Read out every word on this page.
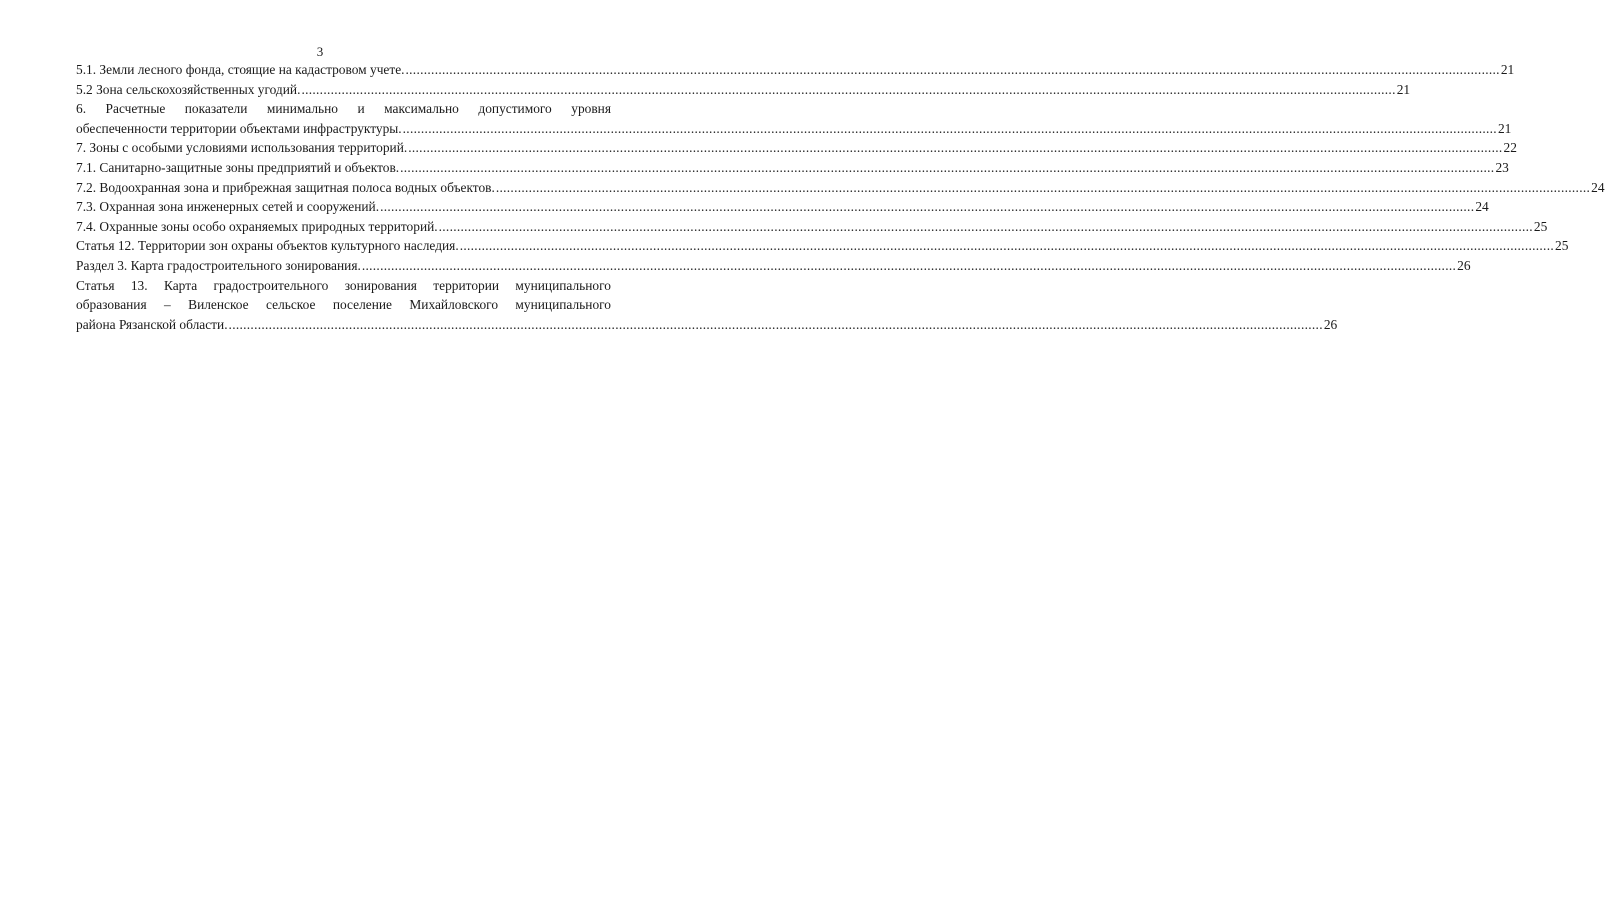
3
5.1. Земли лесного фонда, стоящие на кадастровом учете. ............................................................................................................................................................................................................................................................................................................ 21
5.2 Зона сельскохозяйственных угодий. ............................................................................................................................................................................................................................................................................................................ 21
6. Расчетные показатели минимально и максимально допустимого уровня
обеспеченности территории объектами инфраструктуры. ............................................................................................................................................................................................................................................................................................................ 21
7. Зоны с особыми условиями использования территорий. ............................................................................................................................................................................................................................................................................................................ 22
7.1. Санитарно-защитные зоны предприятий и объектов. ............................................................................................................................................................................................................................................................................................................ 23
7.2. Водоохранная зона и прибрежная защитная полоса водных объектов. ............................................................................................................................................................................................................................................................................................................ 24
7.3. Охранная зона инженерных сетей и сооружений. ............................................................................................................................................................................................................................................................................................................ 24
7.4. Охранные зоны особо охраняемых природных территорий. ............................................................................................................................................................................................................................................................................................................ 25
Статья 12. Территории зон охраны объектов культурного наследия. ............................................................................................................................................................................................................................................................................................................ 25
Раздел 3. Карта градостроительного зонирования. ............................................................................................................................................................................................................................................................................................................ 26
Статья 13. Карта градостроительного зонирования территории муниципального
образования – Виленское сельское поселение Михайловского муниципального
района Рязанской области. ............................................................................................................................................................................................................................................................................................................ 26
